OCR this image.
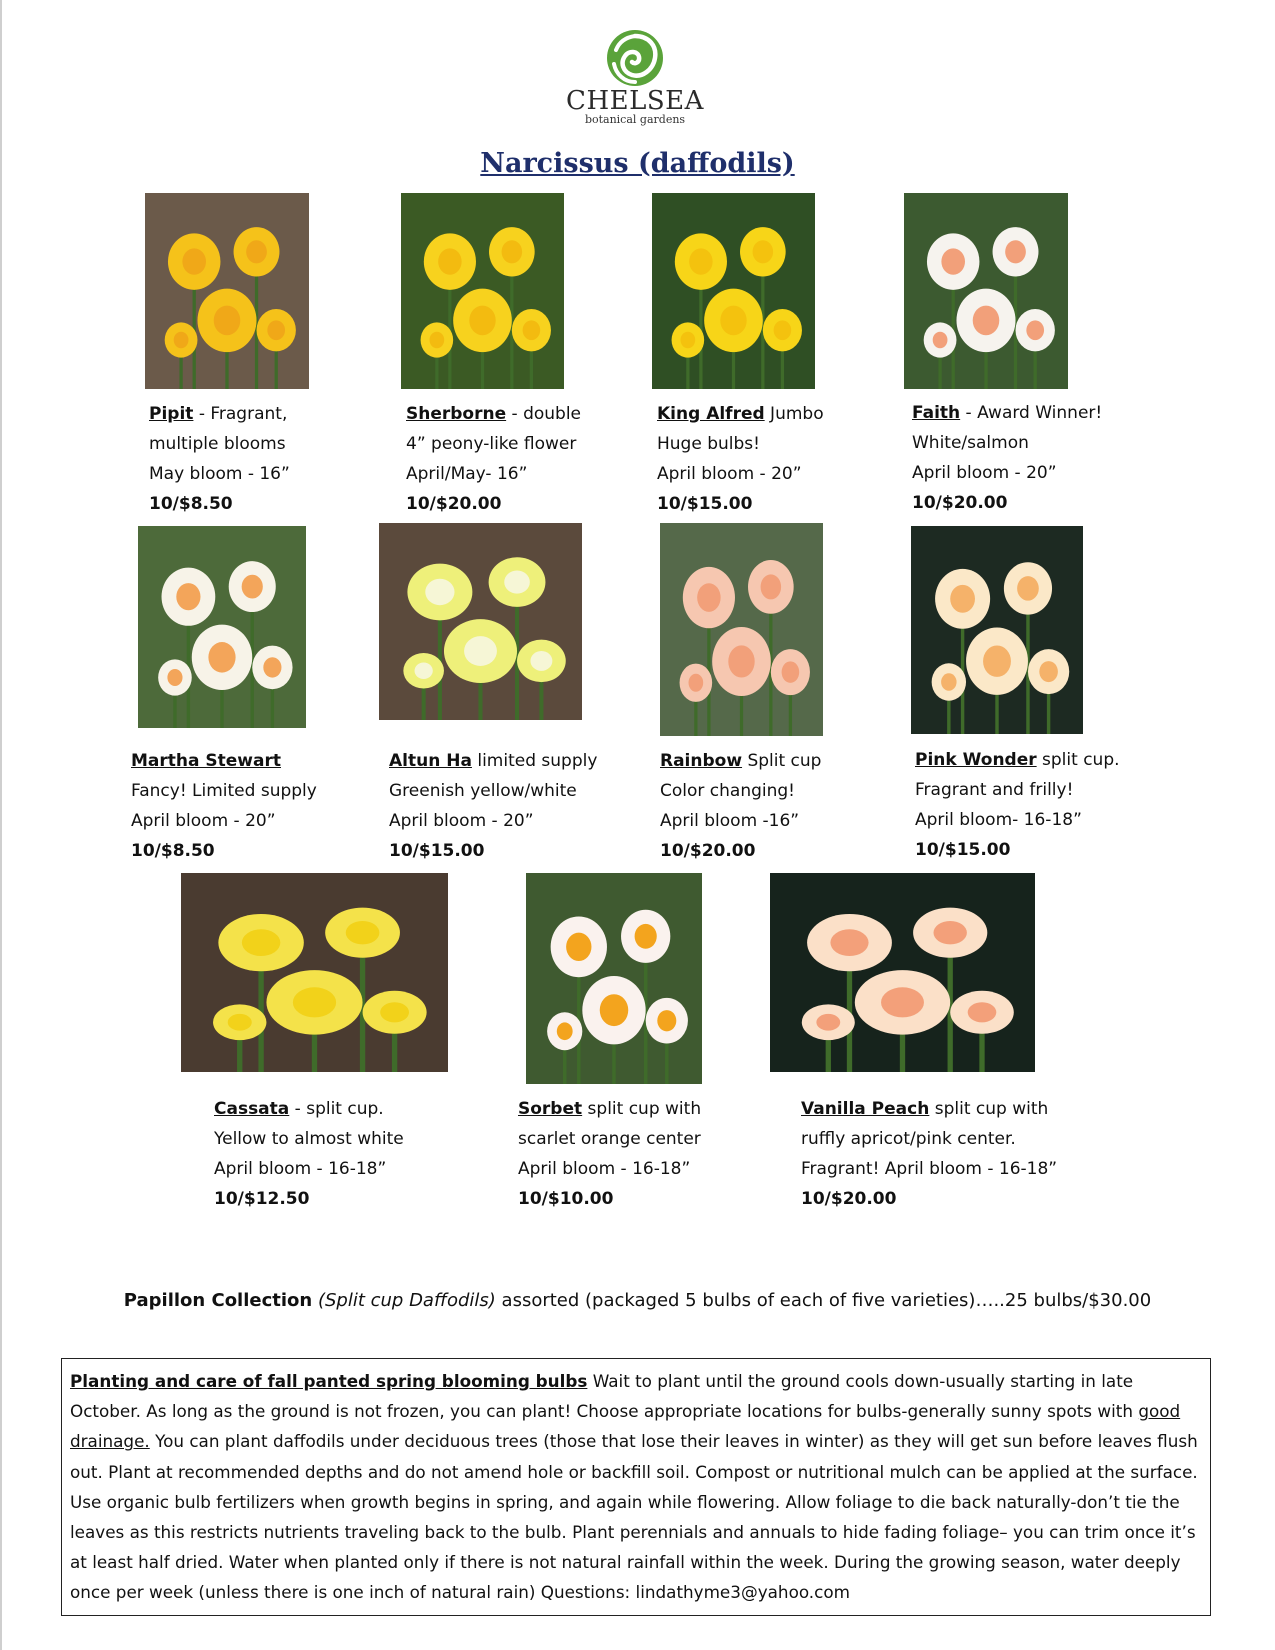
CHELSEA
botanical gardens
Narcissus (daffodils)
Pipit - Fragrant,
multiple blooms
May bloom - 16”
10/$8.50
Sherborne - double
4” peony-like flower
April/May- 16”
10/$20.00
King Alfred Jumbo
Huge bulbs!
April bloom - 20”
10/$15.00
Faith - Award Winner!
White/salmon
April bloom - 20”
10/$20.00
Martha Stewart
Fancy! Limited supply
April bloom - 20”
10/$8.50
Altun Ha limited supply
Greenish yellow/white
April bloom - 20”
10/$15.00
Rainbow Split cup
Color changing!
April bloom -16”
10/$20.00
Pink Wonder split cup.
Fragrant and frilly!
April bloom- 16-18”
10/$15.00
Cassata - split cup.
Yellow to almost white
April bloom - 16-18”
10/$12.50
Sorbet split cup with
scarlet orange center
April bloom - 16-18”
10/$10.00
Vanilla Peach split cup with
ruffly apricot/pink center.
Fragrant! April bloom - 16-18”
10/$20.00
Papillon Collection (Split cup Daffodils) assorted (packaged 5 bulbs of each of five varieties)…..25 bulbs/$30.00
Planting and care of fall panted spring blooming bulbs Wait to plant until the ground cools down-usually starting in late October. As long as the ground is not frozen, you can plant! Choose appropriate locations for bulbs-generally sunny spots with good drainage. You can plant daffodils under deciduous trees (those that lose their leaves in winter) as they will get sun before leaves flush out. Plant at recommended depths and do not amend hole or backfill soil. Compost or nutritional mulch can be applied at the surface. Use organic bulb fertilizers when growth begins in spring, and again while flowering. Allow foliage to die back naturally-don’t tie the leaves as this restricts nutrients traveling back to the bulb. Plant perennials and annuals to hide fading foliage– you can trim once it’s at least half dried. Water when planted only if there is not natural rainfall within the week. During the growing season, water deeply once per week (unless there is one inch of natural rain) Questions: lindathyme3@yahoo.com
